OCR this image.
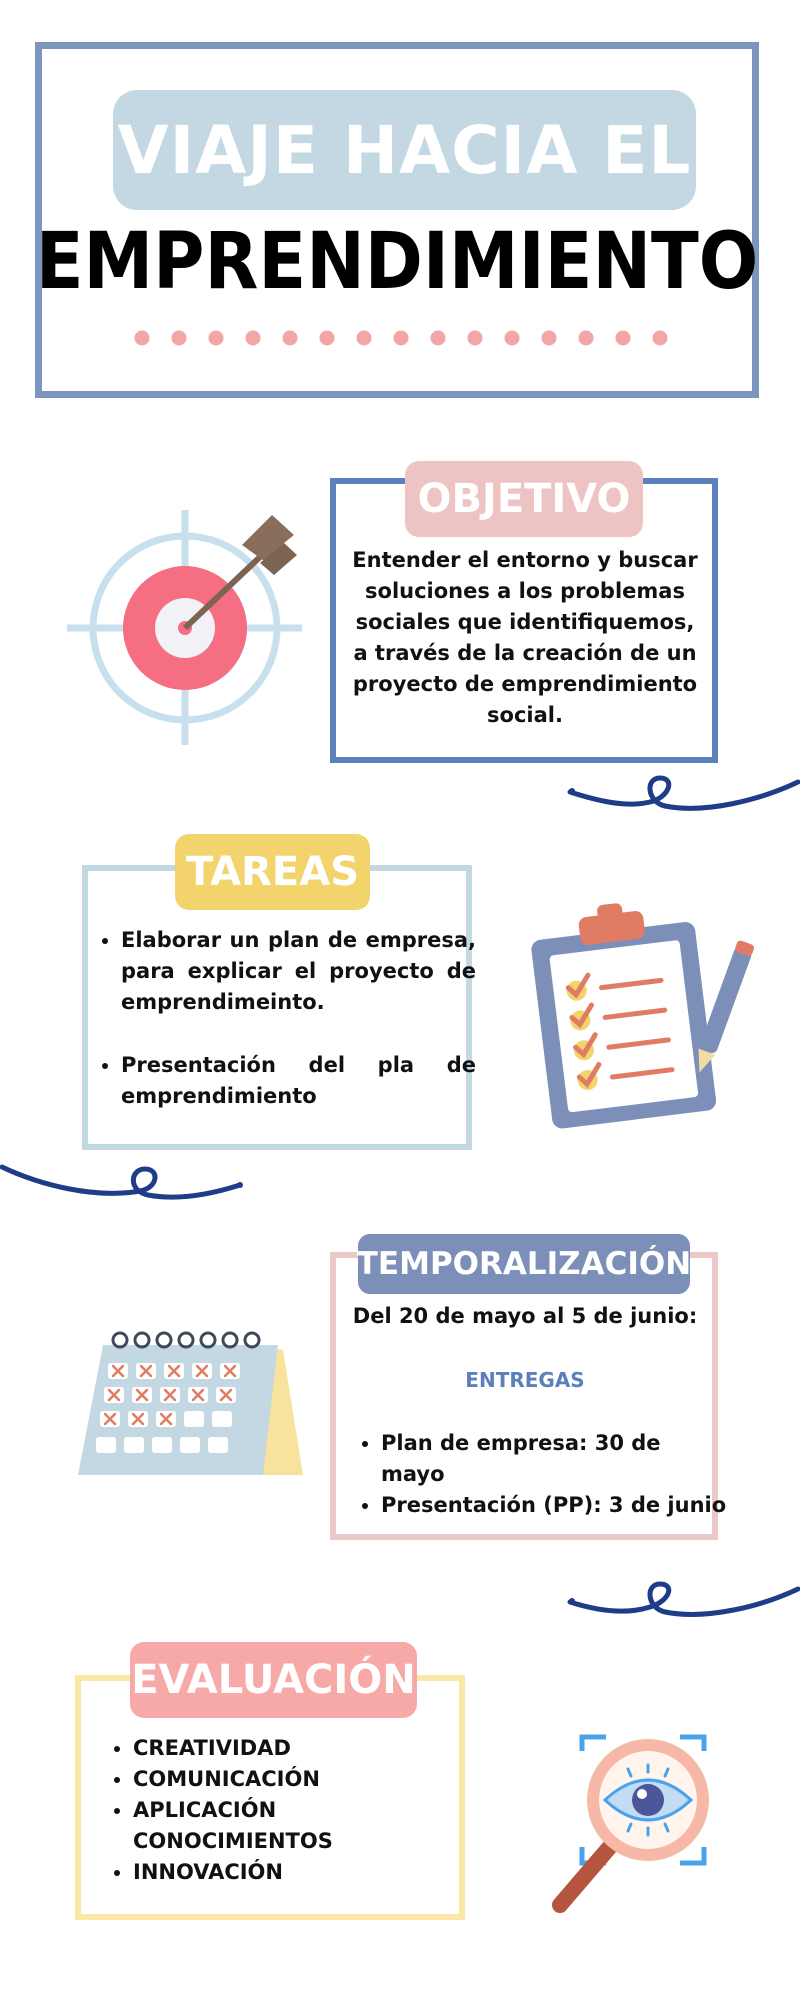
VIAJE HACIA EL
EMPRENDIMIENTO
OBJETIVO
Entender el entorno y buscar soluciones a los problemas sociales que identifiquemos, a través de la creación de un proyecto de emprendimiento social.
TAREAS
• Elaborar un plan de empresa, para explicar el proyecto de emprendimeinto.
• Presentación del pla de emprendimiento
TEMPORALIZACIÓN
Del 20 de mayo al 5 de junio:
ENTREGAS
• Plan de empresa: 30 de mayo
• Presentación (PP): 3 de junio
EVALUACIÓN
• CREATIVIDAD
• COMUNICACIÓN
• APLICACIÓN CONOCIMIENTOS
• INNOVACIÓN
